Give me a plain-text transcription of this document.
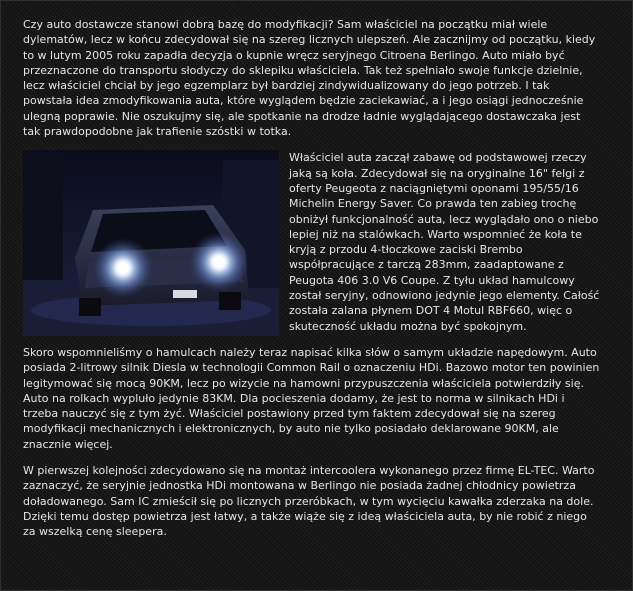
Czy auto dostawcze stanowi dobrą bazę do modyfikacji? Sam właściciel na początku miał wiele dylematów, lecz w końcu zdecydował się na szereg licznych ulepszeń. Ale zacznijmy od początku, kiedy to w lutym 2005 roku zapadła decyzja o kupnie wręcz seryjnego Citroena Berlingo. Auto miało być przeznaczone do transportu słodyczy do sklepiku właściciela. Tak też spełniało swoje funkcje dzielnie, lecz właściciel chciał by jego egzemplarz był bardziej zindywidualizowany do jego potrzeb. I tak powstała idea zmodyfikowania auta, które wyglądem będzie zaciekawiać, a i jego osiągi jednocześnie ulegną poprawie. Nie oszukujmy się, ale spotkanie na drodze ładnie wyglądającego dostawczaka jest tak prawdopodobne jak trafienie szóstki w totka.

Właściciel auta zaczął zabawę od podstawowej rzeczy jaką są koła. Zdecydował się na oryginalne 16" felgi z oferty Peugeota z naciągniętymi oponami 195/55/16 Michelin Energy Saver. Co prawda ten zabieg trochę obniżył funkcjonalność auta, lecz wyglądało ono o niebo lepiej niż na stalówkach. Warto wspomnieć że koła te kryją z przodu 4-tłoczkowe zaciski Brembo współpracujące z tarczą 283mm, zaadaptowane z Peugota 406 3.0 V6 Coupe. Z tyłu układ hamulcowy został seryjny, odnowiono jedynie jego elementy. Całość została zalana płynem DOT 4 Motul RBF660, więc o skuteczność układu można być spokojnym.

Skoro wspomnieliśmy o hamulcach należy teraz napisać kilka słów o samym układzie napędowym. Auto posiada 2-litrowy silnik Diesla w technologii Common Rail o oznaczeniu HDi. Bazowo motor ten powinien legitymować się mocą 90KM, lecz po wizycie na hamowni przypuszczenia właściciela potwierdziły się. Auto na rolkach wypluło jedynie 83KM. Dla pocieszenia dodamy, że jest to norma w silnikach HDi i trzeba nauczyć się z tym żyć. Właściciel postawiony przed tym faktem zdecydował się na szereg modyfikacji mechanicznych i elektronicznych, by auto nie tylko posiadało deklarowane 90KM, ale znacznie więcej.

W pierwszej kolejności zdecydowano się na montaż intercoolera wykonanego przez firmę EL-TEC. Warto zaznaczyć, że seryjnie jednostka HDi montowana w Berlingo nie posiada żadnej chłodnicy powietrza doładowanego. Sam IC zmieścił się po licznych przeróbkach, w tym wycięciu kawałka zderzaka na dole. Dzięki temu dostęp powietrza jest łatwy, a także wiąże się z ideą właściciela auta, by nie robić z niego za wszelką cenę sleepera.
